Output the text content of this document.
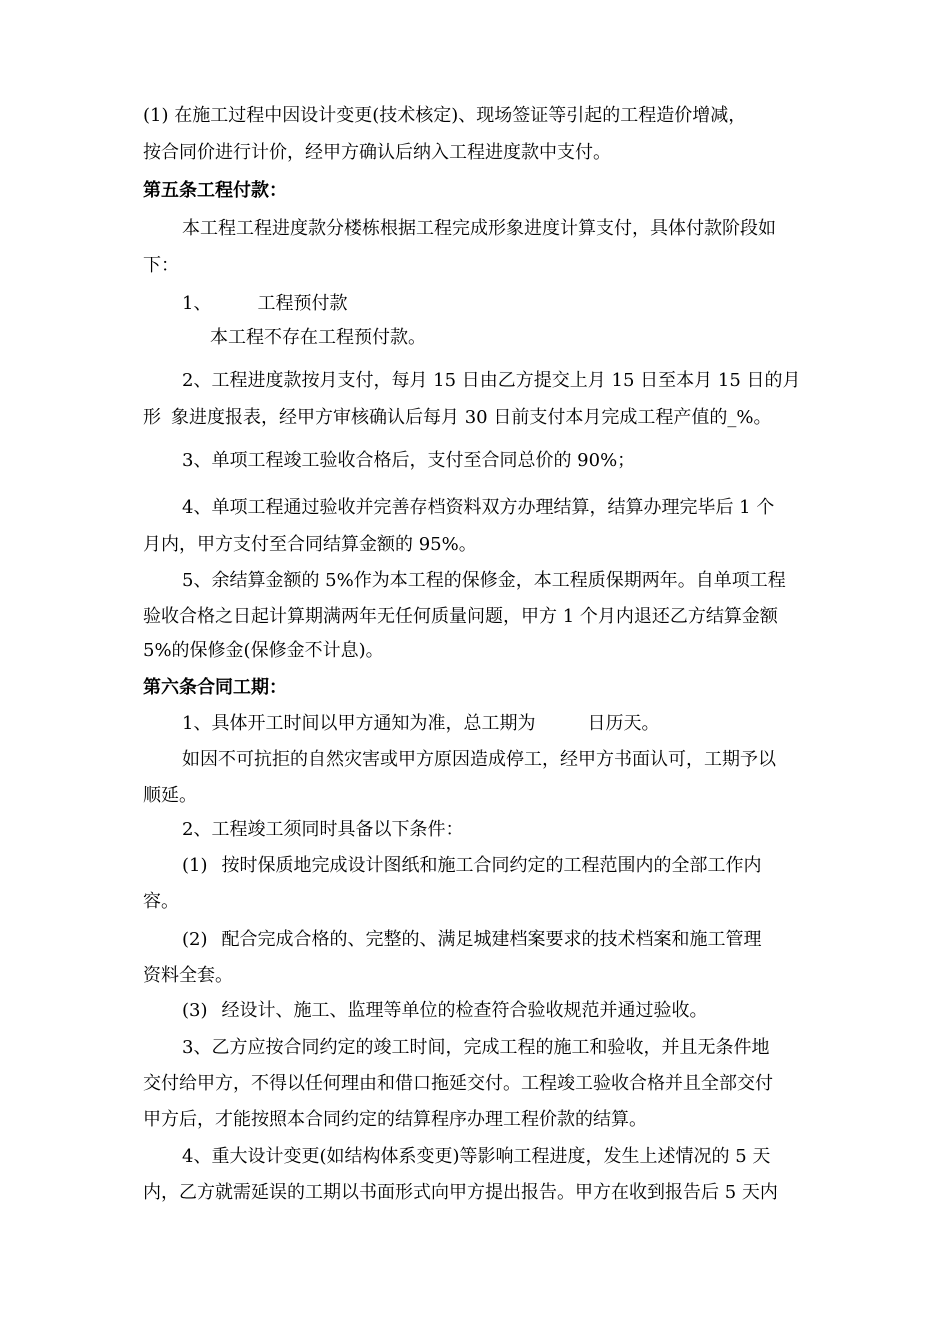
(1) 在施工过程中因设计变更(技术核定)、现场签证等引起的工程造价增减，
按合同价进行计价，经甲方确认后纳入工程进度款中支付。
第五条工程付款：
本工程工程进度款分楼栋根据工程完成形象进度计算支付，具体付款阶段如
下：
1、	工程预付款
本工程不存在工程预付款。
2、工程进度款按月支付，每月 15 日由乙方提交上月 15 日至本月 15 日的月
形 象进度报表，经甲方审核确认后每月 30 日前支付本月完成工程产值的_%。
3、单项工程竣工验收合格后，支付至合同总价的 90%；
4、单项工程通过验收并完善存档资料双方办理结算，结算办理完毕后 1 个
月内，甲方支付至合同结算金额的 95%。
5、余结算金额的 5%作为本工程的保修金，本工程质保期两年。自单项工程
验收合格之日起计算期满两年无任何质量问题，甲方 1 个月内退还乙方结算金额
5%的保修金(保修金不计息)。
第六条合同工期：
1、具体开工时间以甲方通知为准，总工期为	日历天。
如因不可抗拒的自然灾害或甲方原因造成停工，经甲方书面认可，工期予以
顺延。
2、工程竣工须同时具备以下条件：
(1) 按时保质地完成设计图纸和施工合同约定的工程范围内的全部工作内
容。
(2) 配合完成合格的、完整的、满足城建档案要求的技术档案和施工管理
资料全套。
(3) 经设计、施工、监理等单位的检查符合验收规范并通过验收。
3、乙方应按合同约定的竣工时间，完成工程的施工和验收，并且无条件地
交付给甲方，不得以任何理由和借口拖延交付。工程竣工验收合格并且全部交付
甲方后，才能按照本合同约定的结算程序办理工程价款的结算。
4、重大设计变更(如结构体系变更)等影响工程进度，发生上述情况的 5 天
内，乙方就需延误的工期以书面形式向甲方提出报告。甲方在收到报告后 5 天内
